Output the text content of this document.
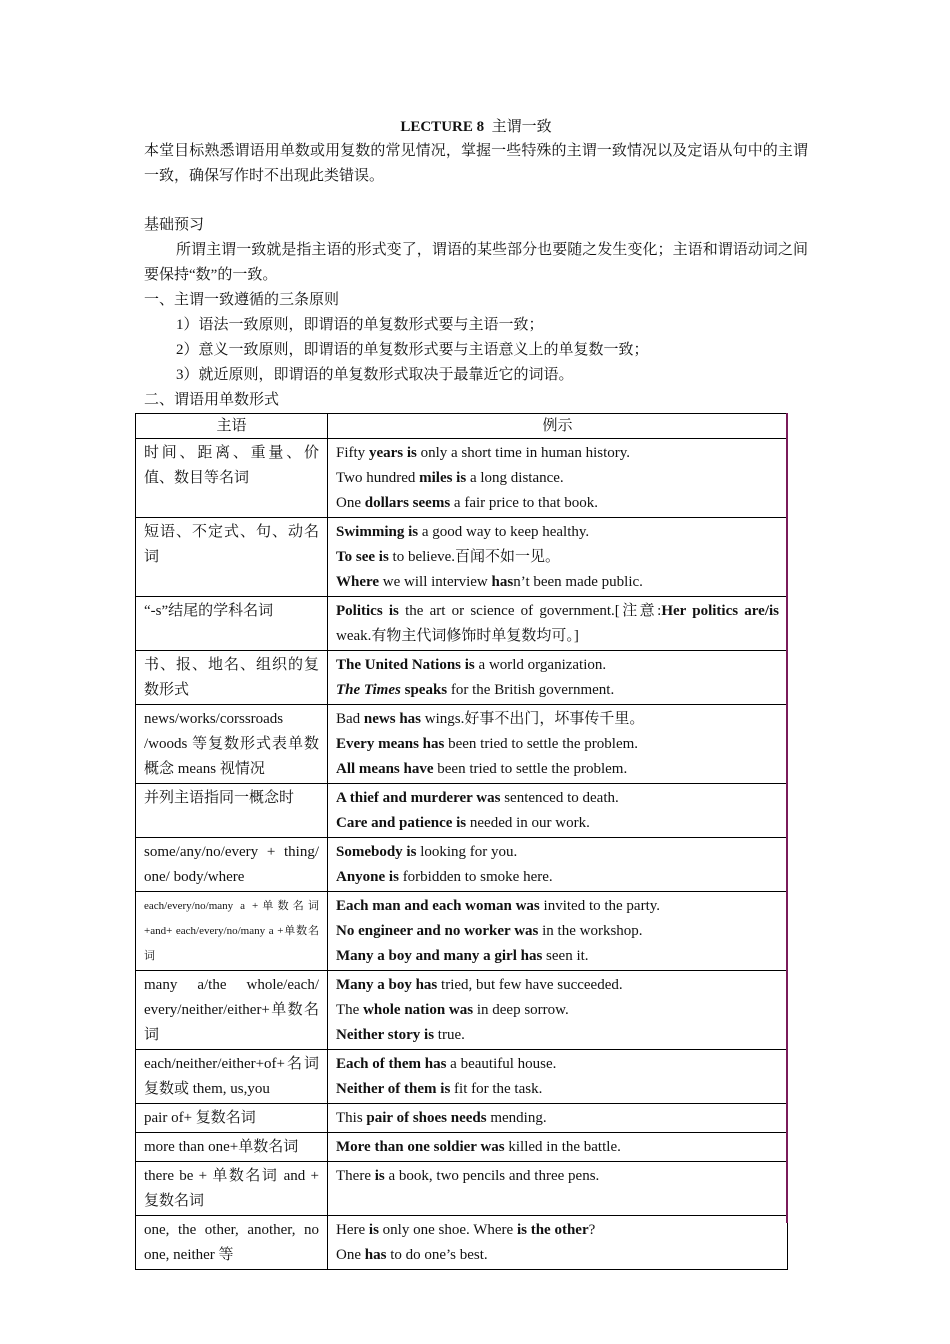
LECTURE 8 主谓一致

本堂目标熟悉谓语用单数或用复数的常见情况，掌握一些特殊的主谓一致情况以及定语从句中的主谓一致，确保写作时不出现此类错误。

基础预习

所谓主谓一致就是指主语的形式变了，谓语的某些部分也要随之发生变化；主语和谓语动词之间要保持“数”的一致。

一、主谓一致遵循的三条原则

1）语法一致原则，即谓语的单复数形式要与主语一致；

2）意义一致原则，即谓语的单复数形式要与主语意义上的单复数一致；

3）就近原则，即谓语的单复数形式取决于最靠近它的词语。

二、谓语用单数形式

主语	例示
时间、距离、重量、价值、数目等名词	Fifty years is only a short time in human history.
Two hundred miles is a long distance.
One dollars seems a fair price to that book.

短语、不定式、句、动名词	Swimming is a good way to keep healthy.
To see is to believe.百闻不如一见。
Where we will interview hasn’t been made public.

“-s”结尾的学科名词	Politics is the art or science of government.[注意:Her politics are/is weak.有物主代词修饰时单复数均可。]

书、报、地名、组织的复数形式	The United Nations is a world organization.
The Times speaks for the British government.

news/works/corssroads /woods 等复数形式表单数概念 means 视情况	Bad news has wings.好事不出门，坏事传千里。
Every means has been tried to settle the problem.
All means have been tried to settle the problem.

并列主语指同一概念时	A thief and murderer was sentenced to death.
Care and patience is needed in our work.

some/any/no/every + thing/ one/ body/where	Somebody is looking for you.
Anyone is forbidden to smoke here.

each/every/no/many a +单数名词 +and+ each/every/no/many a +单数名词	Each man and each woman was invited to the party.
No engineer and no worker was in the workshop.
Many a boy and many a girl has seen it.

many a/the whole/each/ every/neither/either+单数名词	Many a boy has tried, but few have succeeded.
The whole nation was in deep sorrow.
Neither story is true.

each/neither/either+of+名词复数或 them, us,you	Each of them has a beautiful house.
Neither of them is fit for the task.

pair of+ 复数名词	This pair of shoes needs mending.

more than one+单数名词	More than one soldier was killed in the battle.

there be + 单数名词 and + 复数名词	There is a book, two pencils and three pens.

one, the other, another, no one, neither 等	Here is only one shoe. Where is the other?
One has to do one’s best.
